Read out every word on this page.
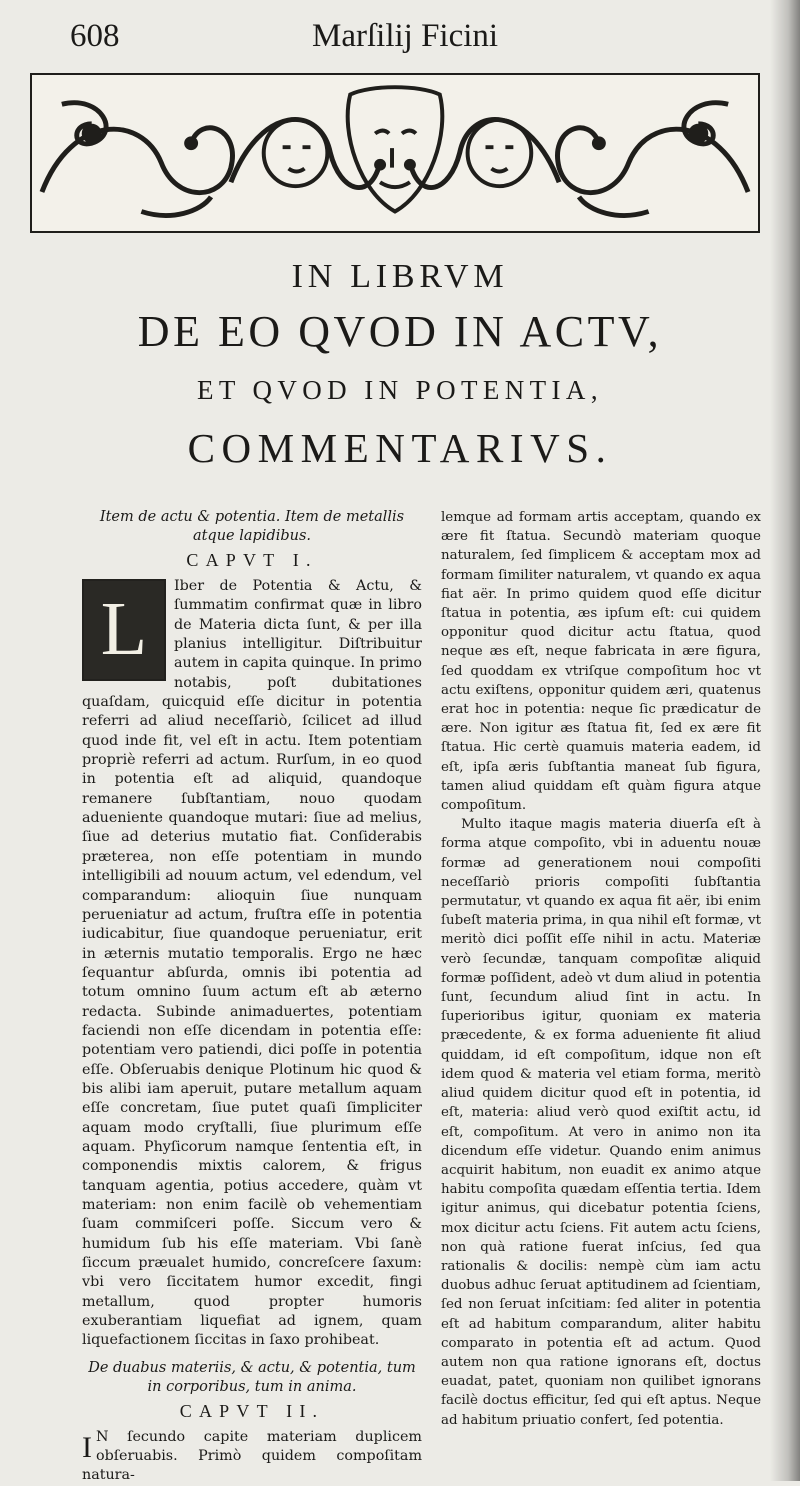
608	Marſilij Ficini
IN LIBRVM
DE EO QVOD IN ACTV,
ET QVOD IN POTENTIA,
COMMENTARIVS.

Item de actu & potentia. Item de metallis atque lapidibus.

CAPVT I.

L
Iber de Potentia & Actu, & ſummatim confirmat quæ in libro de Materia dicta ſunt, & per illa planius intelligitur. Diſtribuitur autem in capita quinque. In primo notabis, poſt dubitationes quaſdam, quicquid eſſe dicitur in potentia referri ad aliud neceſſariò, ſcilicet ad illud quod inde fit, vel eſt in actu. Item potentiam propriè referri ad actum. Rurſum, in eo quod in potentia eſt ad aliquid, quandoque remanere ſubſtantiam, nouo quodam adueniente quandoque mutari: ſiue ad melius, ſiue ad deterius mutatio fiat. Conſiderabis præterea, non eſſe potentiam in mundo intelligibili ad nouum actum, vel edendum, vel comparandum: alioquin ſiue nunquam perueniatur ad actum, fruſtra eſſe in potentia iudicabitur, ſiue quandoque perueniatur, erit in æternis mutatio temporalis. Ergo ne hæc ſequantur abſurda, omnis ibi potentia ad totum omnino ſuum actum eſt ab æterno redacta. Subinde animaduertes, potentiam faciendi non eſſe dicendam in potentia eſſe: potentiam vero patiendi, dici poſſe in potentia eſſe. Obſeruabis denique Plotinum hic quod & bis alibi iam aperuit, putare metallum aquam eſſe concretam, ſiue putet quaſi ſimpliciter aquam modo cryſtalli, ſiue plurimum eſſe aquam. Phyſicorum namque ſententia eſt, in componendis mixtis calorem, & frigus tanquam agentia, potius accedere, quàm vt materiam: non enim facilè ob vehementiam ſuam commiſceri poſſe. Siccum vero & humidum ſub his eſſe materiam. Vbi ſanè ſiccum præualet humido, concreſcere ſaxum: vbi vero ſiccitatem humor excedit, fingi metallum, quod propter humoris exuberantiam liquefiat ad ignem, quam liquefactionem ſiccitas in ſaxo prohibeat.

De duabus materiis, & actu, & potentia, tum in corporibus, tum in anima.

CAPVT II.

I N ſecundo capite materiam duplicem obſeruabis. Primò quidem compoſitam natura-

lemque ad formam artis acceptam, quando ex ære fit ſtatua. Secundò materiam quoque naturalem, ſed ſimplicem & acceptam mox ad formam ſimiliter naturalem, vt quando ex aqua fiat aër. In primo quidem quod eſſe dicitur ſtatua in potentia, æs ipſum eſt: cui quidem opponitur quod dicitur actu ſtatua, quod neque æs eſt, neque fabricata in ære figura, ſed quoddam ex vtriſque compoſitum hoc vt actu exiſtens, opponitur quidem æri, quatenus erat hoc in potentia: neque ſic prædicatur de ære. Non igitur æs ſtatua fit, ſed ex ære fit ſtatua. Hic certè quamuis materia eadem, id eſt, ipſa æris ſubſtantia maneat ſub figura, tamen aliud quiddam eſt quàm figura atque compoſitum.

Multo itaque magis materia diuerſa eſt à forma atque compoſito, vbi in aduentu nouæ formæ ad generationem noui compoſiti neceſſariò prioris compoſiti ſubſtantia permutatur, vt quando ex aqua fit aër, ibi enim ſubeſt materia prima, in qua nihil eſt formæ, vt meritò dici poſſit eſſe nihil in actu. Materiæ verò ſecundæ, tanquam compoſitæ aliquid formæ poſſident, adeò vt dum aliud in potentia ſunt, ſecundum aliud ſint in actu. In ſuperioribus igitur, quoniam ex materia præcedente, & ex forma adueniente fit aliud quiddam, id eſt compoſitum, idque non eſt idem quod & materia vel etiam forma, meritò aliud quidem dicitur quod eſt in potentia, id eſt, materia: aliud verò quod exiſtit actu, id eſt, compoſitum. At vero in animo non ita dicendum eſſe videtur. Quando enim animus acquirit habitum, non euadit ex animo atque habitu compoſita quædam eſſentia tertia. Idem igitur animus, qui dicebatur potentia ſciens, mox dicitur actu ſciens. Fit autem actu ſciens, non quà ratione fuerat inſcius, ſed qua rationalis & docilis: nempè cùm iam actu duobus adhuc ſeruat aptitudinem ad ſcientiam, ſed non ſeruat inſcitiam: ſed aliter in potentia eſt ad habitum comparandum, aliter habitu comparato in potentia eſt ad actum. Quod autem non qua ratione ignorans eſt, doctus euadat, patet, quoniam non quilibet ignorans facilè doctus efficitur, ſed qui eſt aptus. Neque ad habitum priuatio confert, ſed potentia.
